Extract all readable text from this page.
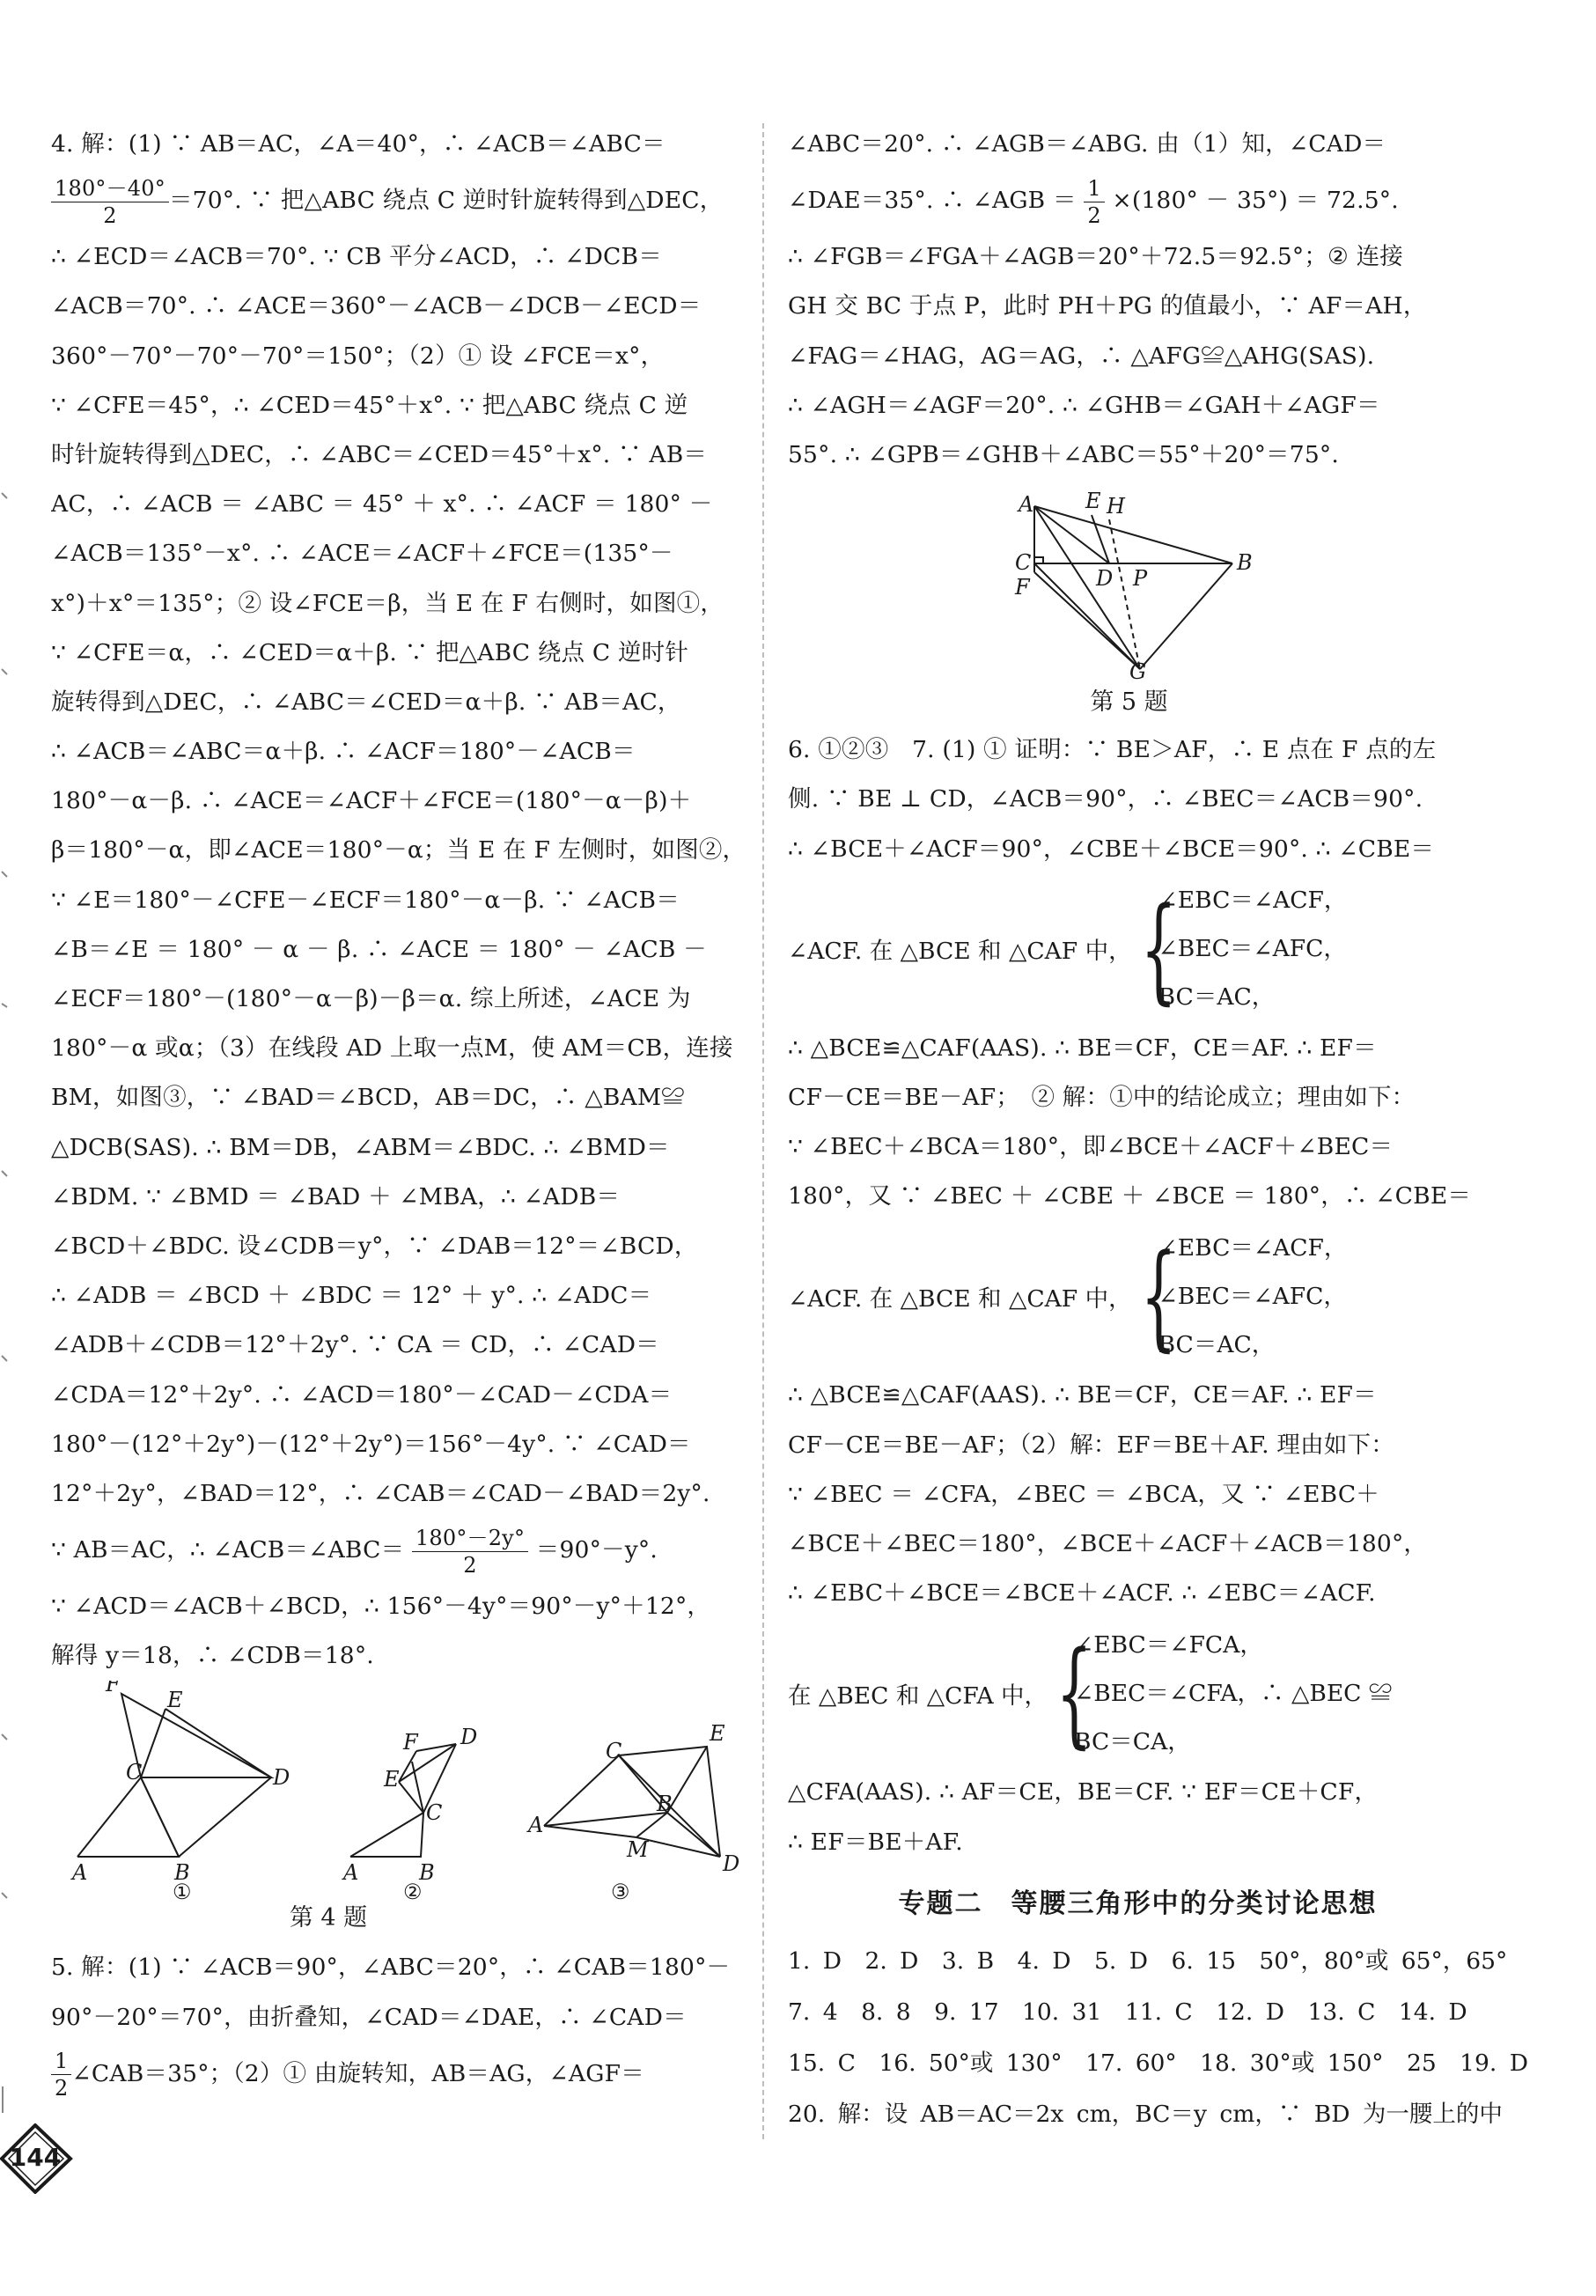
4. 解：(1) ∵ AB＝AC，∠A＝40°，∴ ∠ACB＝∠ABC＝
$\frac{180^\circ-40^\circ}{2} =70^\circ$. ∵ 把△ABC 绕点 C 逆时针旋转得到△DEC，
∴ ∠ECD＝∠ACB＝70°. ∵ CB 平分∠ACD，∴ ∠DCB＝
∠ACB＝70°. ∴ ∠ACE＝360°－∠ACB－∠DCB－∠ECD＝
360°－70°－70°－70°＝150°；（2）① 设 ∠FCE＝x°，
∵ ∠CFE＝45°，∴ ∠CED＝45°＋x°. ∵ 把△ABC 绕点 C 逆
时针旋转得到△DEC，∴ ∠ABC＝∠CED＝45°＋x°. ∵ AB＝
AC，∴ ∠ACB ＝ ∠ABC ＝ 45° ＋ x°. ∴ ∠ACF ＝ 180° －
∠ACB＝135°－x°. ∴ ∠ACE＝∠ACF＋∠FCE＝(135°－
x°)＋x°＝135°；② 设∠FCE＝β，当 E 在 F 右侧时，如图①，
∵ ∠CFE＝α，∴ ∠CED＝α＋β. ∵ 把△ABC 绕点 C 逆时针
旋转得到△DEC，∴ ∠ABC＝∠CED＝α＋β. ∵ AB＝AC，
∴ ∠ACB＝∠ABC＝α＋β. ∴ ∠ACF＝180°－∠ACB＝
180°－α－β. ∴ ∠ACE＝∠ACF＋∠FCE＝(180°－α－β)＋
β＝180°－α，即∠ACE＝180°－α；当 E 在 F 左侧时，如图②，
∵ ∠E＝180°－∠CFE－∠ECF＝180°－α－β. ∵ ∠ACB＝
∠B＝∠E ＝ 180° － α － β. ∴ ∠ACE ＝ 180° － ∠ACB －
∠ECF＝180°－(180°－α－β)－β＝α. 综上所述，∠ACE 为
180°－α 或α；（3）在线段 AD 上取一点M，使 AM＝CB，连接
BM，如图③，∵ ∠BAD＝∠BCD，AB＝DC，∴ △BAM≌
△DCB(SAS). ∴ BM＝DB，∠ABM＝∠BDC. ∴ ∠BMD＝
∠BDM. ∵ ∠BMD ＝ ∠BAD ＋ ∠MBA，∴ ∠ADB＝
∠BCD＋∠BDC. 设∠CDB＝y°，∵ ∠DAB＝12°＝∠BCD，
∴ ∠ADB ＝ ∠BCD ＋ ∠BDC ＝ 12° ＋ y°. ∴ ∠ADC＝
∠ADB＋∠CDB＝12°＋2y°. ∵ CA ＝ CD，∴ ∠CAD＝
∠CDA＝12°＋2y°. ∴ ∠ACD＝180°－∠CAD－∠CDA＝
180°－(12°＋2y°)－(12°＋2y°)＝156°－4y°. ∵ ∠CAD＝
12°＋2y°，∠BAD＝12°，∴ ∠CAB＝∠CAD－∠BAD＝2y°.
∵ AB＝AC，∴ ∠ACB＝∠ABC＝ $\frac{180^\circ-2y^\circ}{2} =90^\circ-y^\circ$.
∵ ∠ACD＝∠ACB＋∠BCD，∴ 156°－4y°＝90°－y°＋12°，
解得 y＝18，∴ ∠CDB＝18°.
F
E
C	D
A	B
E
F D
C
A	B
C
E
B
A
M
D
①	②	③
第 4 题
5. 解：(1) ∵ ∠ACB＝90°，∠ABC＝20°，∴ ∠CAB＝180°－
90°－20°＝70°，由折叠知，∠CAD＝∠DAE，∴ ∠CAD＝
$\frac{1}{2}$ ∠CAB＝35°；（2）① 由旋转知，AB＝AG，∠AGF＝
∠ABC＝20°. ∴ ∠AGB＝∠ABG. 由（1）知，∠CAD＝
∠DAE＝35°. ∴ ∠AGB ＝ $\frac{1}{2} \times(180^\circ - 35^\circ) = 72.5^\circ$.
∴ ∠FGB＝∠FGA＋∠AGB＝20°＋72.5＝92.5°；② 连接
GH 交 BC 于点 P，此时 PH＋PG 的值最小，∵ AF＝AH，
∠FAG＝∠HAG，AG＝AG，∴ △AFG≌△AHG(SAS).
∴ ∠AGH＝∠AGF＝20°. ∴ ∠GHB＝∠GAH＋∠AGF＝
55°. ∴ ∠GPB＝∠GHB＋∠ABC＝55°＋20°＝75°.
A E H
C
F	D P
B
G
第 5 题
6. ①②③　7. (1) ① 证明：∵ BE＞AF，∴ E 点在 F 点的左
侧. ∵ BE ⊥ CD，∠ACB＝90°，∴ ∠BEC＝∠ACB＝90°.
∴ ∠BCE＋∠ACF＝90°，∠CBE＋∠BCE＝90°. ∴ ∠CBE＝
∠ACF. 在 △BCE 和 △CAF 中， {
∠EBC＝∠ACF，
∠BEC＝∠AFC，
BC＝AC，
∴ △BCE≌△CAF(AAS). ∴ BE＝CF，CE＝AF. ∴ EF＝
CF－CE＝BE－AF；　② 解：①中的结论成立；理由如下：
∵ ∠BEC＋∠BCA＝180°，即∠BCE＋∠ACF＋∠BEC＝
180°，又 ∵ ∠BEC ＋ ∠CBE ＋ ∠BCE ＝ 180°，∴ ∠CBE＝
∠ACF. 在 △BCE 和 △CAF 中， {
∠EBC＝∠ACF，
∠BEC＝∠AFC，
BC＝AC，
∴ △BCE≌△CAF(AAS). ∴ BE＝CF，CE＝AF. ∴ EF＝
CF－CE＝BE－AF；（2）解：EF＝BE＋AF. 理由如下：
∵ ∠BEC ＝ ∠CFA，∠BEC ＝ ∠BCA，又 ∵ ∠EBC＋
∠BCE＋∠BEC＝180°，∠BCE＋∠ACF＋∠ACB＝180°，
∴ ∠EBC＋∠BCE＝∠BCE＋∠ACF. ∴ ∠EBC＝∠ACF.
在 △BEC 和 △CFA 中， {
∠EBC＝∠FCA，
∠BEC＝∠CFA，∴ △BEC ≌
BC＝CA，
△CFA(AAS). ∴ AF＝CE，BE＝CF. ∵ EF＝CE＋CF，
∴ EF＝BE＋AF.
专题二　等腰三角形中的分类讨论思想
1. D　2. D　3. B　4. D　5. D　6. 15　50°，80°或 65°，65°
7. 4　8. 8　9. 17　10. 31　11. C　12. D　13. C　14. D
15. C　16. 50°或 130°　17. 60°　18. 30°或 150°　25　19. D
20. 解：设 AB＝AC＝2x cm，BC＝y cm，∵ BD 为一腰上的中
144
